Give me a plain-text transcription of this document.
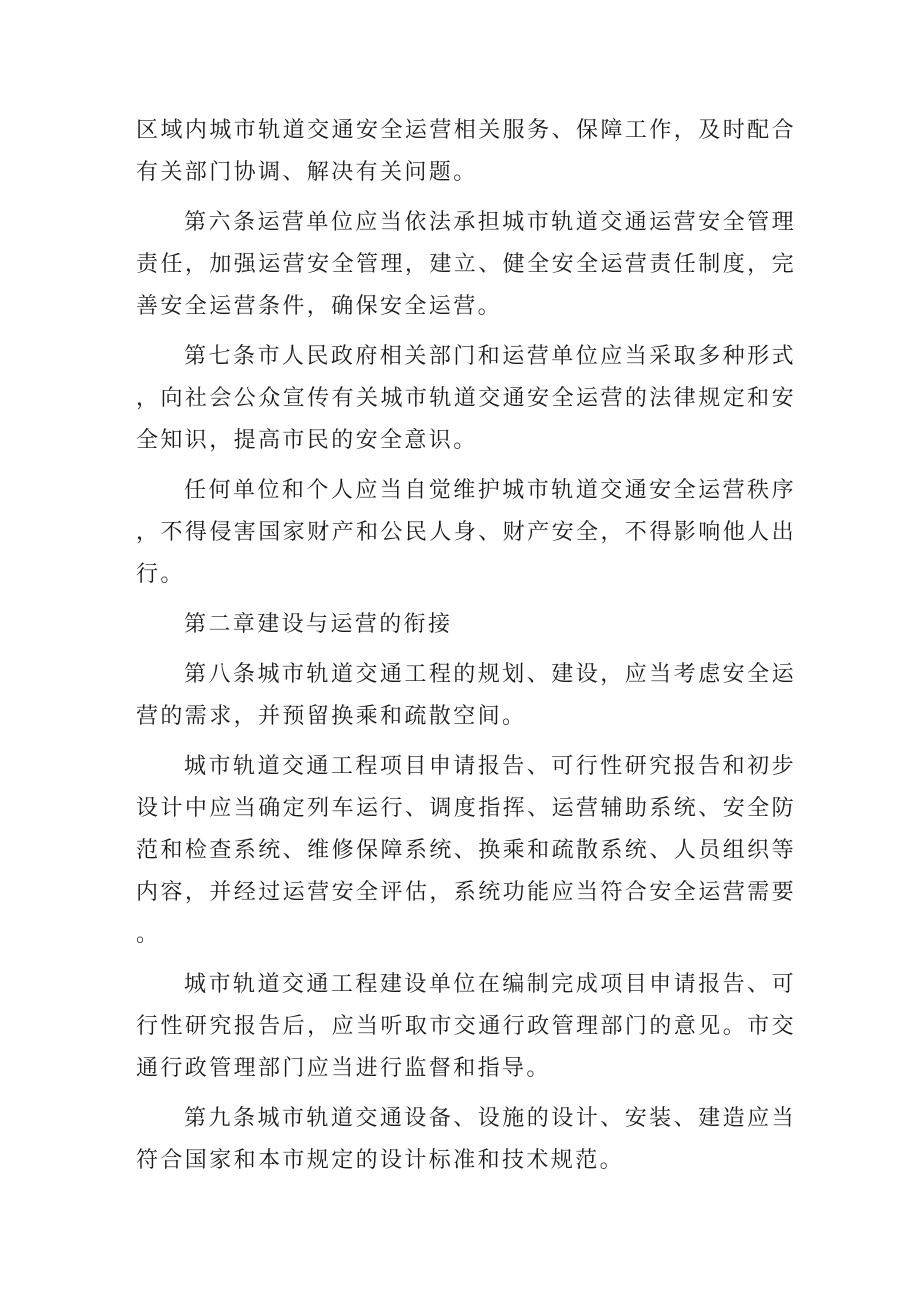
区域内城市轨道交通安全运营相关服务、保障工作，及时配合有关部门协调、解决有关问题。

第六条运营单位应当依法承担城市轨道交通运营安全管理责任，加强运营安全管理，建立、健全安全运营责任制度，完善安全运营条件，确保安全运营。

第七条市人民政府相关部门和运营单位应当采取多种形式，向社会公众宣传有关城市轨道交通安全运营的法律规定和安全知识，提高市民的安全意识。

任何单位和个人应当自觉维护城市轨道交通安全运营秩序，不得侵害国家财产和公民人身、财产安全，不得影响他人出行。

第二章建设与运营的衔接

第八条城市轨道交通工程的规划、建设，应当考虑安全运营的需求，并预留换乘和疏散空间。

城市轨道交通工程项目申请报告、可行性研究报告和初步设计中应当确定列车运行、调度指挥、运营辅助系统、安全防范和检查系统、维修保障系统、换乘和疏散系统、人员组织等内容，并经过运营安全评估，系统功能应当符合安全运营需要。

城市轨道交通工程建设单位在编制完成项目申请报告、可行性研究报告后，应当听取市交通行政管理部门的意见。市交通行政管理部门应当进行监督和指导。

第九条城市轨道交通设备、设施的设计、安装、建造应当符合国家和本市规定的设计标准和技术规范。
